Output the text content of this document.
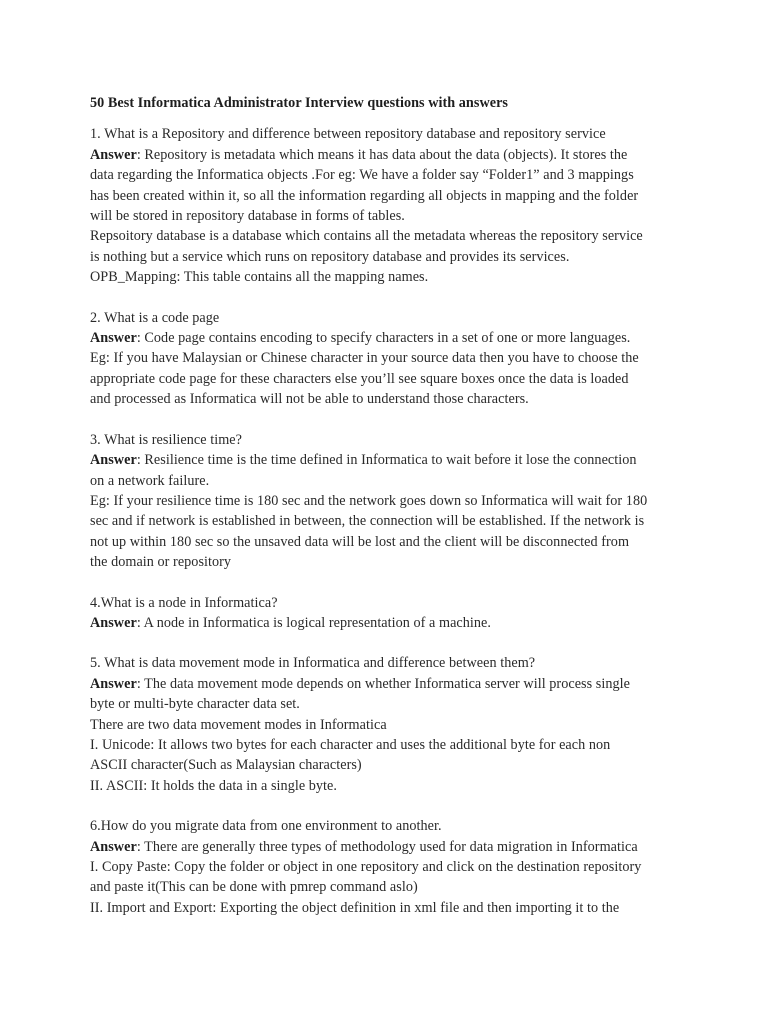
50 Best Informatica Administrator Interview questions with answers
1. What is a Repository and difference between repository database and repository service
Answer: Repository is metadata which means it has data about the data (objects). It stores the
data regarding the Informatica objects .For eg: We have a folder say “Folder1” and 3 mappings
has been created within it, so all the information regarding all objects in mapping and the folder
will be stored in repository database in forms of tables.
Repsoitory database is a database which contains all the metadata whereas the repository service
is nothing but a service which runs on repository database and provides its services.
OPB_Mapping: This table contains all the mapping names.
2. What is a code page
Answer: Code page contains encoding to specify characters in a set of one or more languages.
Eg: If you have Malaysian or Chinese character in your source data then you have to choose the
appropriate code page for these characters else you’ll see square boxes once the data is loaded
and processed as Informatica will not be able to understand those characters.
3. What is resilience time?
Answer: Resilience time is the time defined in Informatica to wait before it lose the connection
on a network failure.
Eg: If your resilience time is 180 sec and the network goes down so Informatica will wait for 180
sec and if network is established in between, the connection will be established. If the network is
not up within 180 sec so the unsaved data will be lost and the client will be disconnected from
the domain or repository
4.What is a node in Informatica?
Answer: A node in Informatica is logical representation of a machine.
5. What is data movement mode in Informatica and difference between them?
Answer: The data movement mode depends on whether Informatica server will process single
byte or multi-byte character data set.
There are two data movement modes in Informatica
I. Unicode: It allows two bytes for each character and uses the additional byte for each non
ASCII character(Such as Malaysian characters)
II. ASCII: It holds the data in a single byte.
6.How do you migrate data from one environment to another.
Answer: There are generally three types of methodology used for data migration in Informatica
I. Copy Paste: Copy the folder or object in one repository and click on the destination repository
and paste it(This can be done with pmrep command aslo)
II. Import and Export: Exporting the object definition in xml file and then importing it to the
